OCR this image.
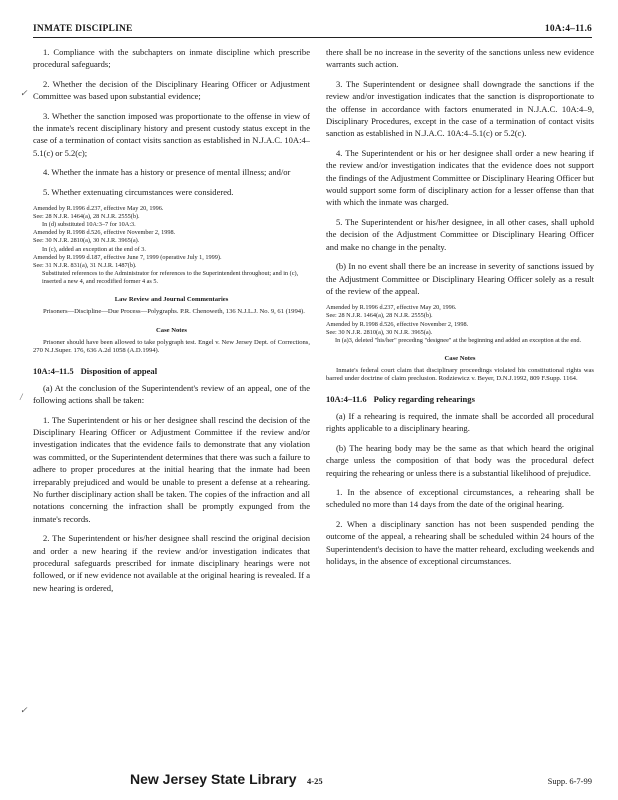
INMATE DISCIPLINE	10A:4–11.6

1. Compliance with the subchapters on inmate discipline which prescribe procedural safeguards;

2. Whether the decision of the Disciplinary Hearing Officer or Adjustment Committee was based upon substantial evidence;

3. Whether the sanction imposed was proportionate to the offense in view of the inmate's recent disciplinary history and present custody status except in the case of a termination of contact visits sanction as established in N.J.A.C. 10A:4–5.1(c) or 5.2(c);

4. Whether the inmate has a history or presence of mental illness; and/or

5. Whether extenuating circumstances were considered.

Amended by R.1996 d.237, effective May 20, 1996.

See: 28 N.J.R. 1464(a), 28 N.J.R. 2555(b).

In (d) substituted 10A:3–7 for 10A:3.

Amended by R.1998 d.526, effective November 2, 1998.

See: 30 N.J.R. 2810(a), 30 N.J.R. 3965(a).

In (c), added an exception at the end of 3.

Amended by R.1999 d.187, effective June 7, 1999 (operative July 1, 1999).

See: 31 N.J.R. 831(a), 31 N.J.R. 1487(b).

Substituted references to the Administrator for references to the Superintendent throughout; and in (c), inserted a new 4, and recodified former 4 as 5.

Law Review and Journal Commentaries

Prisoners—Discipline—Due Process—Polygraphs. P.R. Chenoweth, 136 N.J.L.J. No. 9, 61 (1994).

Case Notes

Prisoner should have been allowed to take polygraph test. Engel v. New Jersey Dept. of Corrections, 270 N.J.Super. 176, 636 A.2d 1058 (A.D.1994).

10A:4–11.5 Disposition of appeal

(a) At the conclusion of the Superintendent's review of an appeal, one of the following actions shall be taken:

1. The Superintendent or his or her designee shall rescind the decision of the Disciplinary Hearing Officer or Adjustment Committee if the review and/or investigation indicates that the evidence fails to demonstrate that any violation was committed, or the Superintendent determines that there was such a failure to adhere to proper procedures at the initial hearing that the inmate had been irreparably prejudiced and would be unable to present a defense at a rehearing. No further disciplinary action shall be taken. The copies of the infraction and all notations concerning the infraction shall be promptly expunged from the inmate's records.

2. The Superintendent or his/her designee shall rescind the original decision and order a new hearing if the review and/or investigation indicates that procedural safeguards prescribed for inmate disciplinary hearings were not followed, or if new evidence not available at the original hearing is revealed. If a new hearing is ordered,

there shall be no increase in the severity of the sanctions unless new evidence warrants such action.

3. The Superintendent or designee shall downgrade the sanctions if the review and/or investigation indicates that the sanction is disproportionate to the offense in accordance with factors enumerated in N.J.A.C. 10A:4–9, Disciplinary Procedures, except in the case of a termination of contact visits sanction as established in N.J.A.C. 10A:4–5.1(c) or 5.2(c).

4. The Superintendent or his or her designee shall order a new hearing if the review and/or investigation indicates that the evidence does not support the findings of the Adjustment Committee or Disciplinary Hearing Officer but would support some form of disciplinary action for a lesser offense than that with which the inmate was charged.

5. The Superintendent or his/her designee, in all other cases, shall uphold the decision of the Adjustment Committee or Disciplinary Hearing Officer and make no change in the penalty.

(b) In no event shall there be an increase in severity of sanctions issued by the Adjustment Committee or Disciplinary Hearing Officer solely as a result of the review of the appeal.

Amended by R.1996 d.237, effective May 20, 1996.

See: 28 N.J.R. 1464(a), 28 N.J.R. 2555(b).

Amended by R.1998 d.526, effective November 2, 1998.

See: 30 N.J.R. 2810(a), 30 N.J.R. 3965(a).

In (a)3, deleted "his/her" preceding "designee" at the beginning and added an exception at the end.

Case Notes

Inmate's federal court claim that disciplinary proceedings violated his constitutional rights was barred under doctrine of claim preclusion. Rodziewicz v. Beyer, D.N.J.1992, 809 F.Supp. 1164.

10A:4–11.6 Policy regarding rehearings

(a) If a rehearing is required, the inmate shall be accorded all procedural rights applicable to a disciplinary hearing.

(b) The hearing body may be the same as that which heard the original charge unless the composition of that body was the procedural defect requiring the rehearing or unless there is a substantial likelihood of prejudice.

1. In the absence of exceptional circumstances, a rehearing shall be scheduled no more than 14 days from the date of the original hearing.

2. When a disciplinary sanction has not been suspended pending the outcome of the appeal, a rehearing shall be scheduled within 24 hours of the Superintendent's decision to have the matter reheard, excluding weekends and holidays, in the absence of exceptional circumstances.

✓
/
✓
New Jersey State Library 4-25	Supp. 6-7-99
